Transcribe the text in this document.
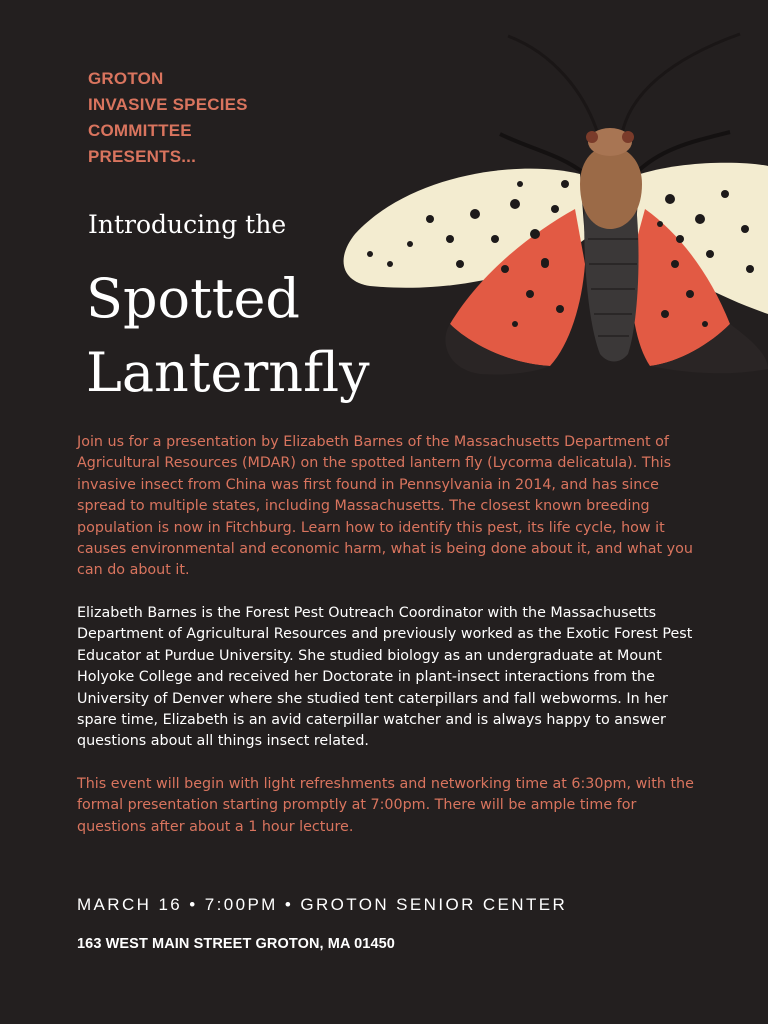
GROTON
INVASIVE SPECIES
COMMITTEE
PRESENTS...
Introducing the
Spotted
Lanternfly

Join us for a presentation by Elizabeth Barnes of the Massachusetts Department of Agricultural Resources (MDAR) on the spotted lantern fly (Lycorma delicatula). This invasive insect from China was first found in Pennsylvania in 2014, and has since spread to multiple states, including Massachusetts. The closest known breeding population is now in Fitchburg. Learn how to identify this pest, its life cycle, how it causes environmental and economic harm, what is being done about it, and what you can do about it.

Elizabeth Barnes is the Forest Pest Outreach Coordinator with the Massachusetts Department of Agricultural Resources and previously worked as the Exotic Forest Pest Educator at Purdue University. She studied biology as an undergraduate at Mount Holyoke College and received her Doctorate in plant-insect interactions from the University of Denver where she studied tent caterpillars and fall webworms. In her spare time, Elizabeth is an avid caterpillar watcher and is always happy to answer questions about all things insect related.

This event will begin with light refreshments and networking time at 6:30pm, with the formal presentation starting promptly at 7:00pm. There will be ample time for questions after about a 1 hour lecture.

MARCH 16 • 7:00PM • GROTON SENIOR CENTER
163 WEST MAIN STREET GROTON, MA 01450
